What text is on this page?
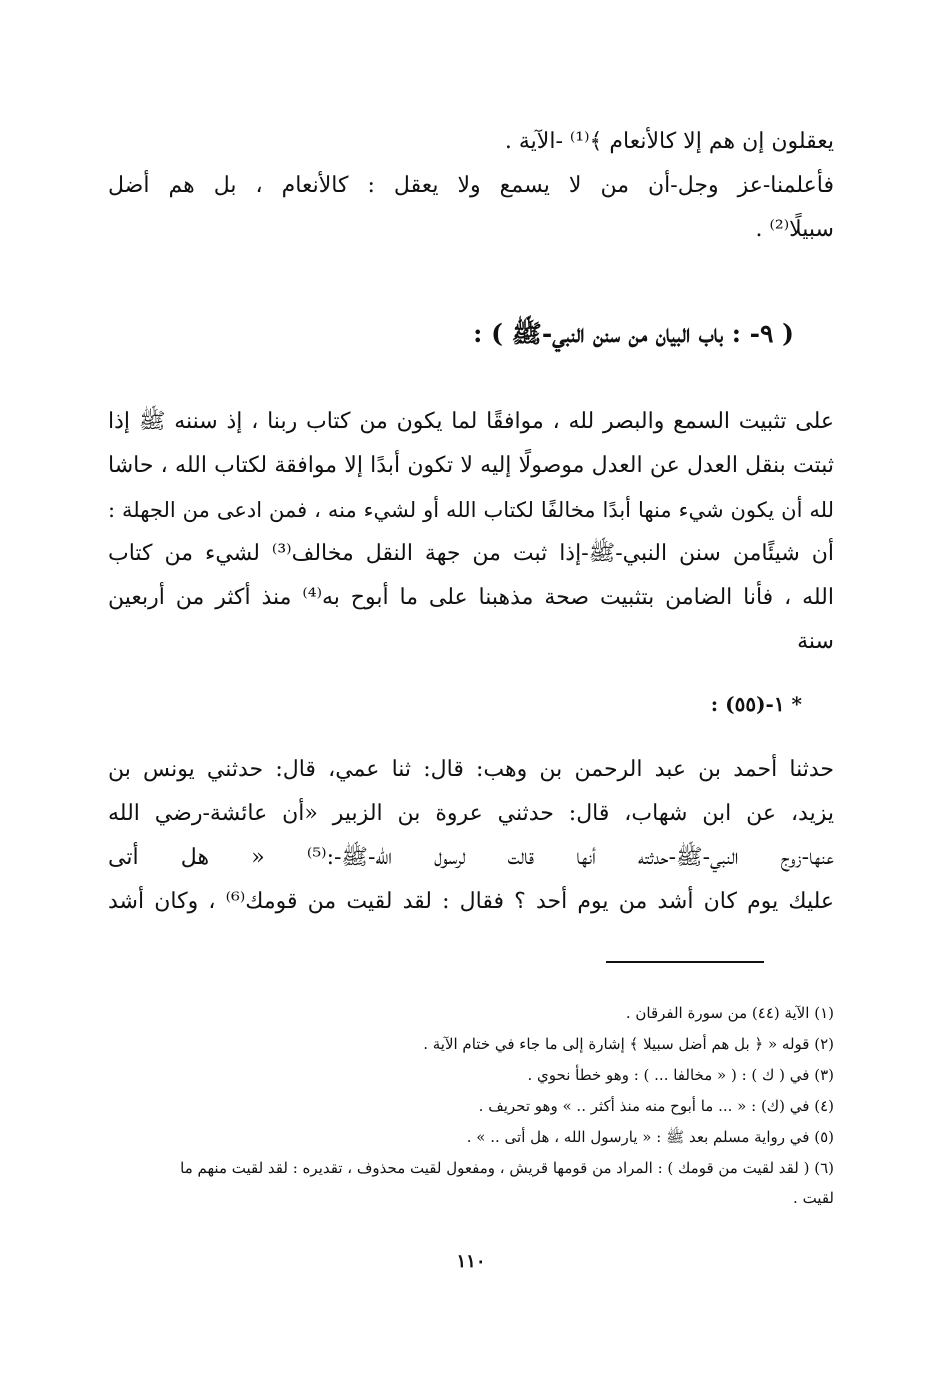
يعقلون إن هم إلا كالأنعام ﴾⁽¹⁾ -الآية .
فأعلمنا-عز وجل-أن من لا يسمع ولا يعقل : كالأنعام ، بل هم أضل
سبيلًا⁽²⁾ .
( ٩- : باب البيان من سنن النبي-ﷺ ) :
على تثبيت السمع والبصر لله ، موافقًا لما يكون من كتاب ربنا ، إذ سننه ﷺ إذا
ثبتت بنقل العدل عن العدل موصولًا إليه لا تكون أبدًا إلا موافقة لكتاب الله ، حاشا
لله أن يكون شيء منها أبدًا مخالفًا لكتاب الله أو لشيء منه ، فمن ادعى من الجهلة :
أن شيئًامن سنن النبي-ﷺ-إذا ثبت من جهة النقل مخالف⁽³⁾ لشيء من كتاب
الله ، فأنا الضامن بتثبيت صحة مذهبنا على ما أبوح به⁽⁴⁾ منذ أكثر من أربعين
سنة
* ١-(٥٥) :
حدثنا أحمد بن عبد الرحمن بن وهب: قال: ثنا عمي، قال: حدثني يونس بن
يزيد، عن ابن شهاب، قال: حدثني عروة بن الزبير «أن عائشة-رضي الله
عنها-زوج النبي-ﷺ-حدثته أنها قالت لرسول الله-ﷺ-:⁽⁵⁾ « هل أتى
عليك يوم كان أشد من يوم أحد ؟ فقال : لقد لقيت من قومك⁽⁶⁾ ، وكان أشد
(١) الآية (٤٤) من سورة الفرقان .
(٢) قوله « ﴿ بل هم أضل سبيلا ﴾ إشارة إلى ما جاء في ختام الآية .
(٣) في ( ك ) : ( « مخالفا ... ) : وهو خطأ نحوي .
(٤) في (ك) : « ... ما أبوح منه منذ أكثر .. » وهو تحريف .
(٥) في رواية مسلم بعد ﷺ : « يارسول الله ، هل أتى .. » .
(٦) ( لقد لقيت من قومك ) : المراد من قومها قريش ، ومفعول لقيت محذوف ، تقديره : لقد لقيت منهم ما
لقيت .
١١٠
